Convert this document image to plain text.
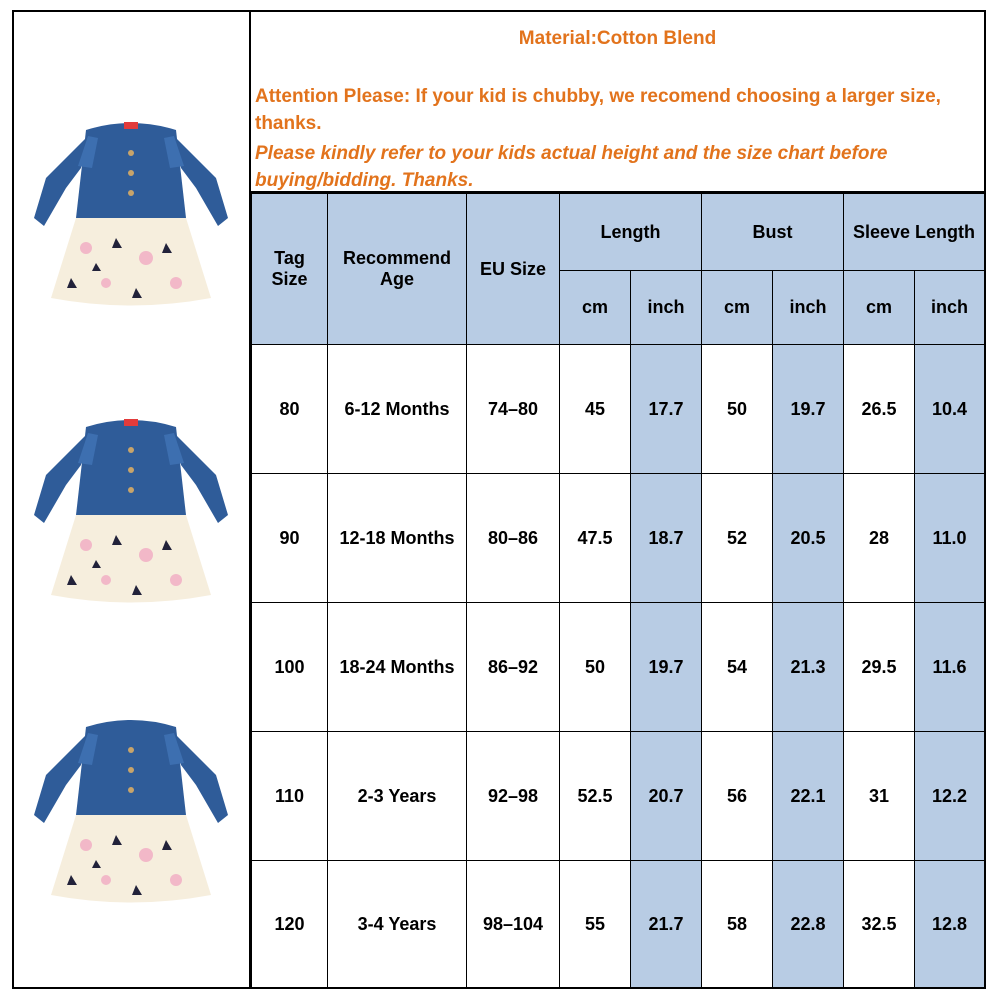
Material:Cotton Blend
Attention Please: If your kid is chubby, we recomend choosing a larger size, thanks.
Please kindly refer to your kids actual height and the size chart before buying/bidding. Thanks.
Tag Size	Recommend Age	EU Size	Length		Bust		Sleeve Length	
			cm	inch	cm	inch	cm	inch
80	6-12 Months	74–80	45	17.7	50	19.7	26.5	10.4
90	12-18 Months	80–86	47.5	18.7	52	20.5	28	11.0
100	18-24 Months	86–92	50	19.7	54	21.3	29.5	11.6
110	2-3 Years	92–98	52.5	20.7	56	22.1	31	12.2
120	3-4 Years	98–104	55	21.7	58	22.8	32.5	12.8
